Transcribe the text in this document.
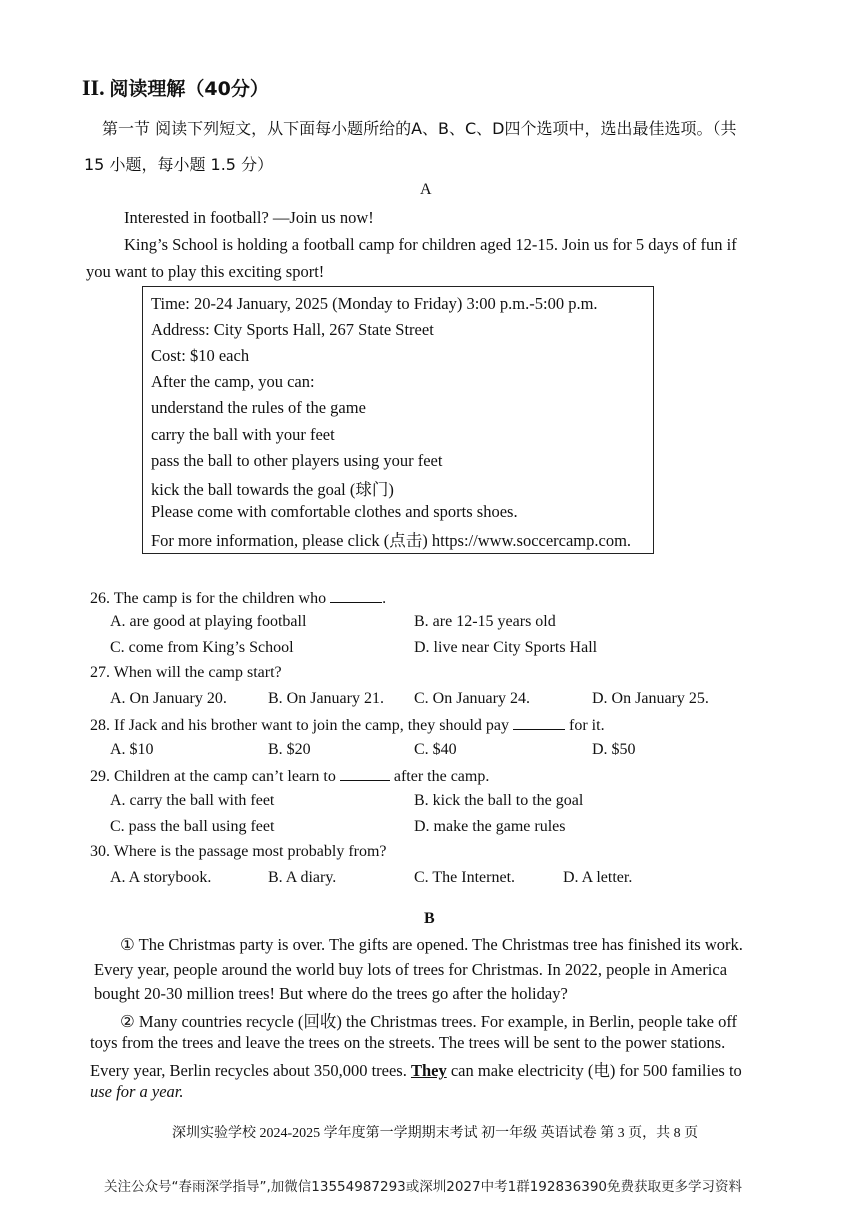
II. 阅读理解（40分）
第一节 阅读下列短文，从下面每小题所给的A、B、C、D四个选项中，选出最佳选项。（共
15 小题，每小题 1.5 分）
A
Interested in football? —Join us now!
King’s School is holding a football camp for children aged 12-15. Join us for 5 days of fun if
you want to play this exciting sport!
Time: 20-24 January, 2025 (Monday to Friday) 3:00 p.m.-5:00 p.m.
Address: City Sports Hall, 267 State Street
Cost: $10 each
After the camp, you can:
understand the rules of the game
carry the ball with your feet
pass the ball to other players using your feet
kick the ball towards the goal (球门)
Please come with comfortable clothes and sports shoes.
For more information, please click (点击) https://www.soccercamp.com.
26. The camp is for the children who	.
A. are good at playing football	B. are 12-15 years old
C. come from King’s School	D. live near City Sports Hall
27. When will the camp start?
A. On January 20.	B. On January 21. C. On January 24.	D. On January 25.
28. If Jack and his brother want to join the camp, they should pay	for it.
A. $10	B. $20	C. $40	D. $50
29. Children at the camp can’t learn to	after the camp.
A. carry the ball with feet	B. kick the ball to the goal
C. pass the ball using feet	D. make the game rules
30. Where is the passage most probably from?
A. A storybook.	B. A diary.	C. The Internet.	D. A letter.
B
① The Christmas party is over. The gifts are opened. The Christmas tree has finished its work.
Every year, people around the world buy lots of trees for Christmas. In 2022, people in America
bought 20-30 million trees! But where do the trees go after the holiday?
② Many countries recycle (回收) the Christmas trees. For example, in Berlin, people take off
toys from the trees and leave the trees on the streets. The trees will be sent to the power stations.
Every year, Berlin recycles about 350,000 trees. They can make electricity (电) for 500 families to
use for a year.
深圳实验学校 2024-2025 学年度第一学期期末考试 初一年级 英语试卷 第 3 页，共 8 页
关注公众号“春雨深学指导”,加微信13554987293或深圳2027中考1群192836390免费获取更多学习资料
